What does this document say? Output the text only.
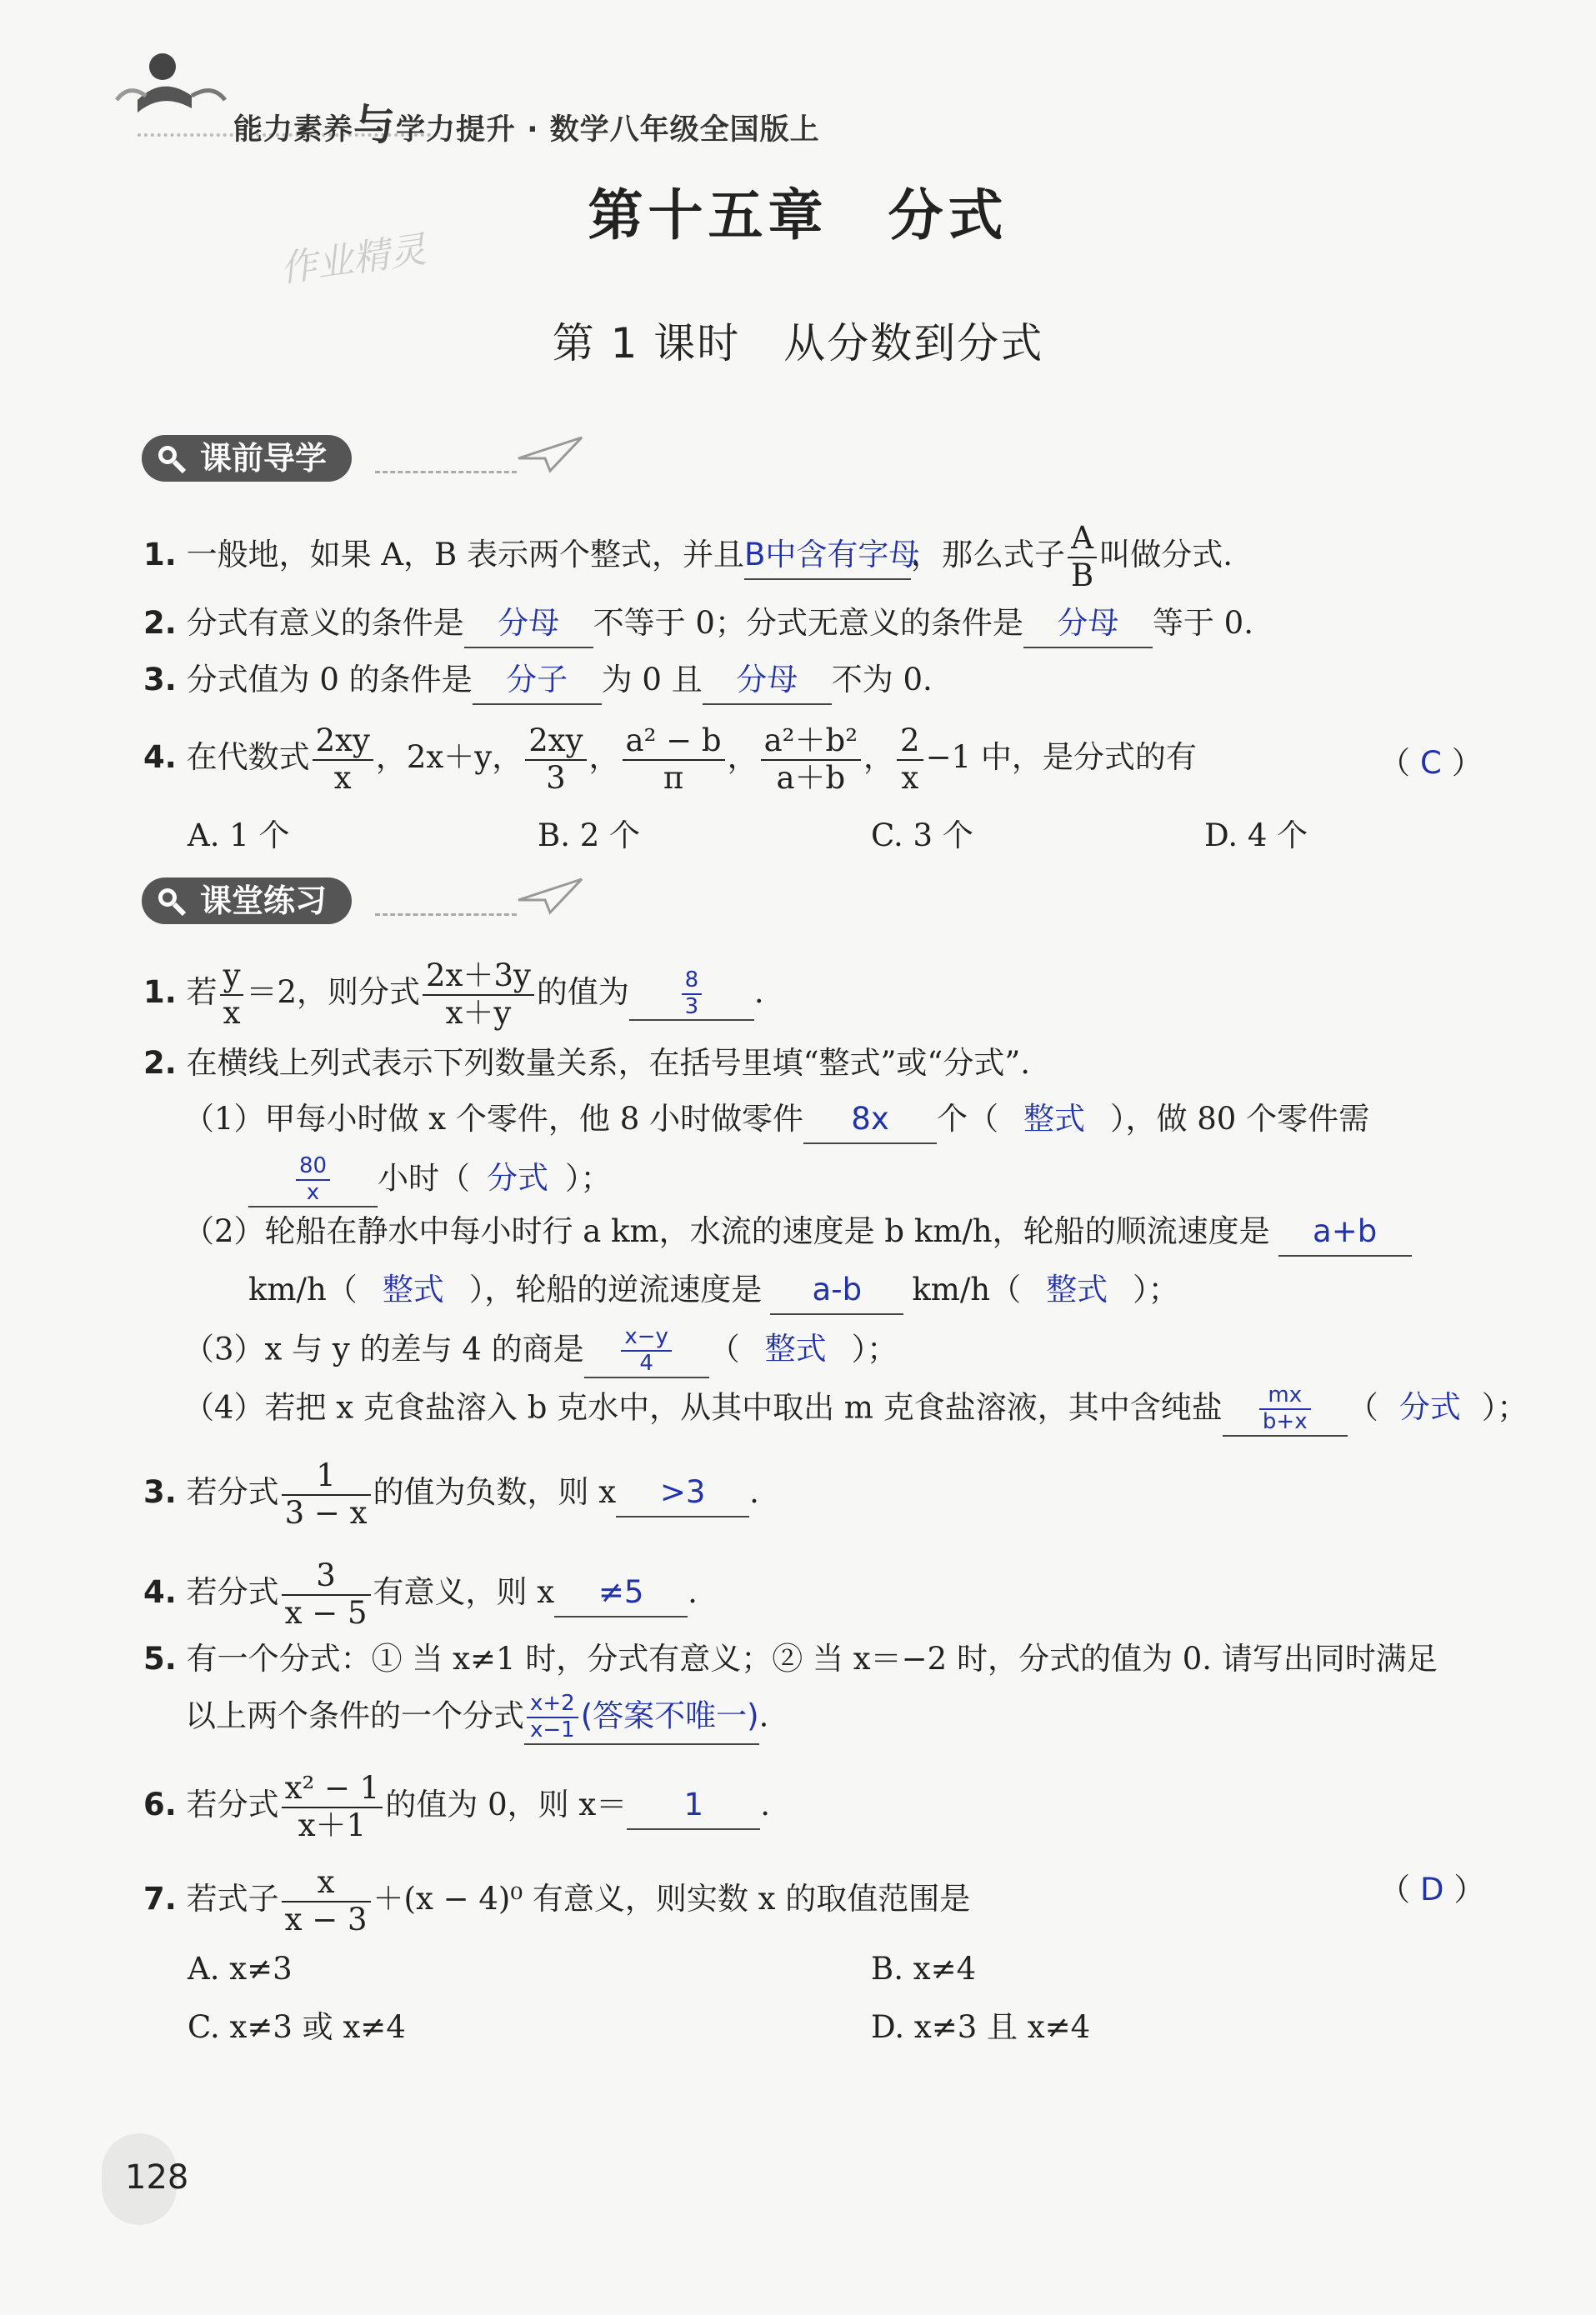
能力素养与学力提升 · 数学八年级全国版上
作业精灵
第十五章　分式
第 1 课时　从分数到分式
课前导学
1. 一般地，如果 A，B 表示两个整式，并且B中含有字母，那么式子 $\frac{A}{B}$ 叫做分式.
2. 分式有意义的条件是 分母 不等于 0；分式无意义的条件是 分母 等于 0.
3. 分式值为 0 的条件是 分子 为 0 且 分母 不为 0.
4. 在代数式 $\frac{2xy}{x}$ ，2x＋y， $\frac{2xy}{3}$ ， $\frac{\text{a² − b}}{\pi}$ ， $\frac{\text{a²＋b²}}{a+b}$ ， $\frac{2}{x} -1$ 中，是分式的有	（ C ）
A. 1 个	B. 2 个	C. 3 个	D. 4 个
课堂练习
1. 若 $\frac{y}{x} =2$，则分式 $\frac{2x+3y}{x+y}$ 的值为 $\frac{8}{3}$ .
2. 在横线上列式表示下列数量关系，在括号里填“整式”或“分式”.
（1）甲每小时做 x 个零件，他 8 小时做零件 8x 个（ 整式 ），做 80 个零件需
$\frac{80}{x}$ 小时（ 分式 ）；
（2）轮船在静水中每小时行 a km，水流的速度是 b km/h，轮船的顺流速度是 a+b
km/h（ 整式 ），轮船的逆流速度是 a-b km/h（ 整式 ）；
（3）x 与 y 的差与 4 的商是 $\frac{x-y}{4}$ （ 整式 ）；
（4）若把 x 克食盐溶入 b 克水中，从其中取出 m 克食盐溶液，其中含纯盐 $\frac{mx}{b+x}$ （ 分式 ）；
3. 若分式 $\frac{1}{3 - x}$ 的值为负数，则 x >3 .
4. 若分式 $\frac{3}{x - 5}$ 有意义，则 x ≠5 .
5. 有一个分式：① 当 x≠1 时，分式有意义；② 当 x＝−2 时，分式的值为 0. 请写出同时满足
以上两个条件的一个分式 $\frac{x+2}{x-1}$ (答案不唯一).
6. 若分式 $\frac{\text{x² − 1}}{x+1}$ 的值为 0，则 x＝ 1 .
7. 若式子 $\frac{x}{x - 3} +(x - 4)^0$ 有意义，则实数 x 的取值范围是	（ D ）
A. x≠3	B. x≠4
C. x≠3 或 x≠4	D. x≠3 且 x≠4
128
